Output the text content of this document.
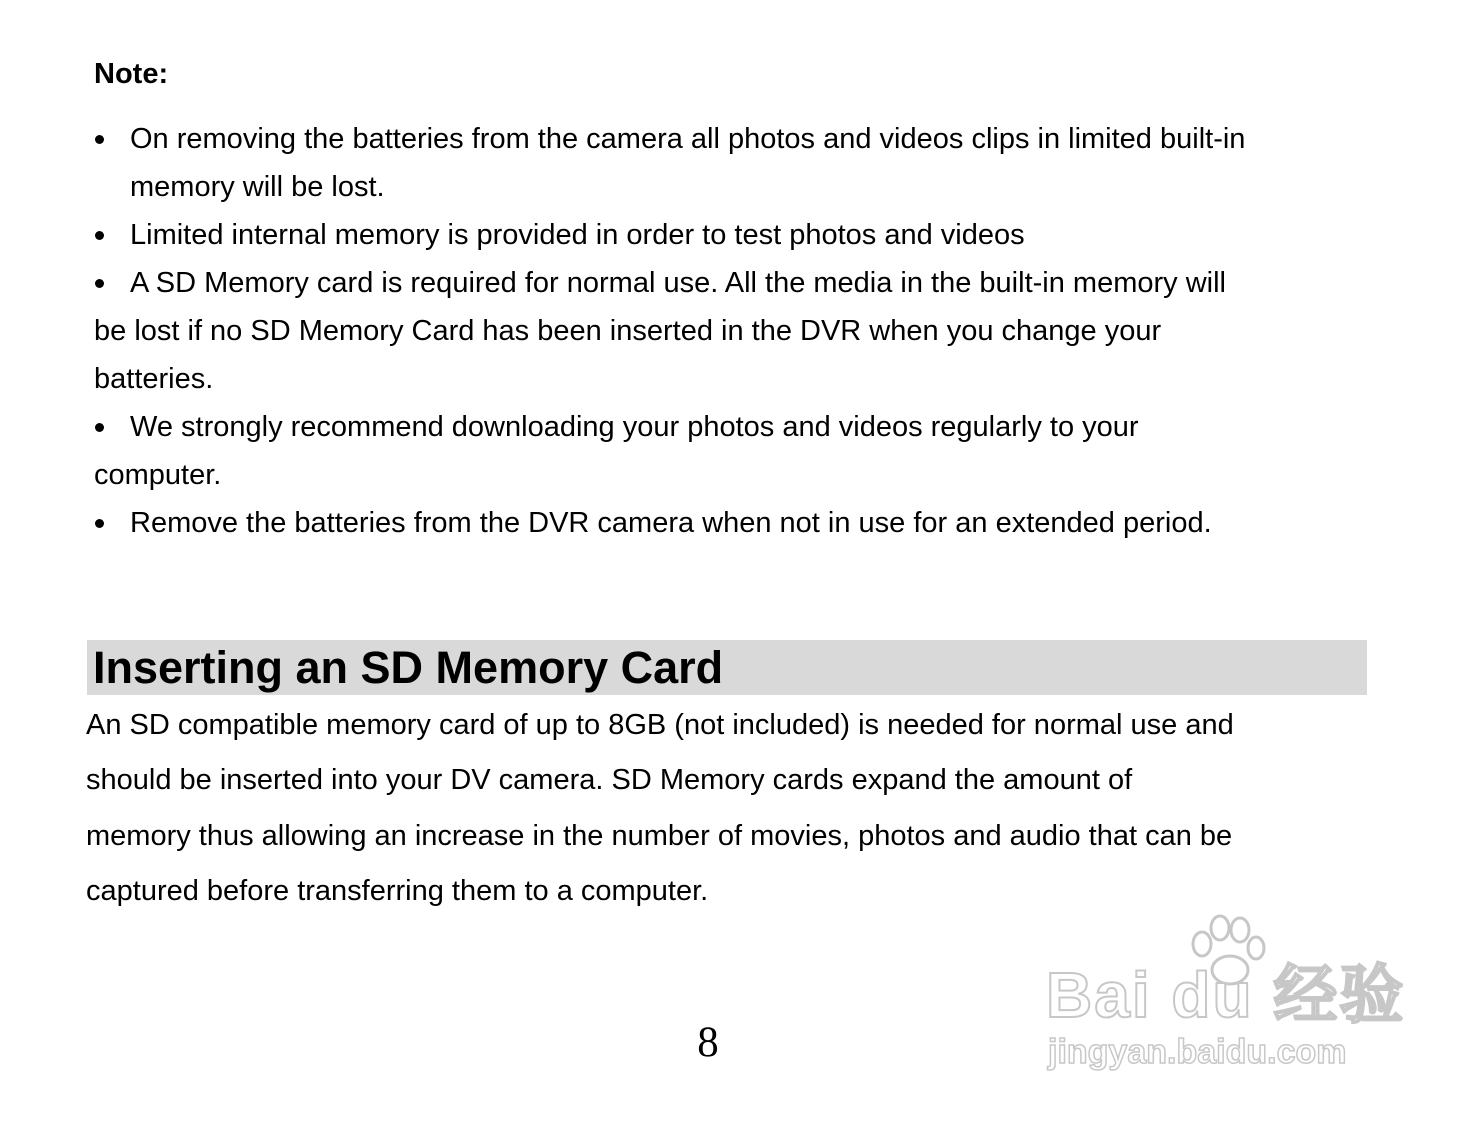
Note:
On removing the batteries from the camera all photos and videos clips in limited built-in
memory will be lost.
Limited internal memory is provided in order to test photos and videos
A SD Memory card is required for normal use. All the media in the built-in memory will
be lost if no SD Memory Card has been inserted in the DVR when you change your
batteries.
We strongly recommend downloading your photos and videos regularly to your
computer.
Remove the batteries from the DVR camera when not in use for an extended period.
Inserting an SD Memory Card
An SD compatible memory card of up to 8GB (not included) is needed for normal use and
should be inserted into your DV camera. SD Memory cards expand the amount of
memory thus allowing an increase in the number of movies, photos and audio that can be
captured before transferring them to a computer.
8
Bai du 经验
jingyan.baidu.com
